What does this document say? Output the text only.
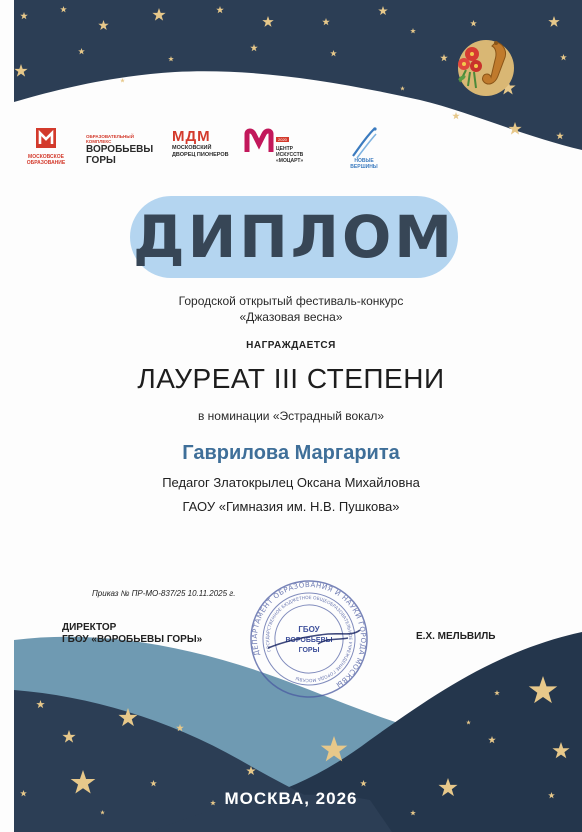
МОСКОВСКОЕ ОБРАЗОВАНИЕ
ОБРАЗОВАТЕЛЬНЫЙ КОМПЛЕКС
ВОРОБЬЕВЫ ГОРЫ
МДМ
МОСКОВСКИЙ ДВОРЕЦ ПИОНЕРОВ
2020
ЦЕНТР ИСКУССТВ «МОЦАРТ»	НОВЫЕ ВЕРШИНЫ
ДИПЛОМ
Городской открытый фестиваль-конкурс
«Джазовая весна»
НАГРАЖДАЕТСЯ
ЛАУРЕАТ III СТЕПЕНИ
в номинации «Эстрадный вокал»
Гаврилова Маргарита
Педагог Златокрылец Оксана Михайловна
ГАОУ «Гимназия им. Н.В. Пушкова»
Приказ № ПР-МО-837/25 10.11.2025 г.
ДИРЕКТОР
ГБОУ «ВОРОБЬЕВЫ ГОРЫ»
ДЕПАРТАМЕНТ ОБРАЗОВАНИЯ И НАУКИ ГОРОДА МОСКВЫ
ГОСУДАРСТВЕННОЕ БЮДЖЕТНОЕ ОБЩЕОБРАЗОВАТЕЛЬНОЕ УЧРЕЖДЕНИЕ ГОРОДА МОСКВЫ
ГБОУ
ВОРОБЬЕВЫ
ГОРЫ
Е.Х. МЕЛЬВИЛЬ
МОСКВА, 2026
